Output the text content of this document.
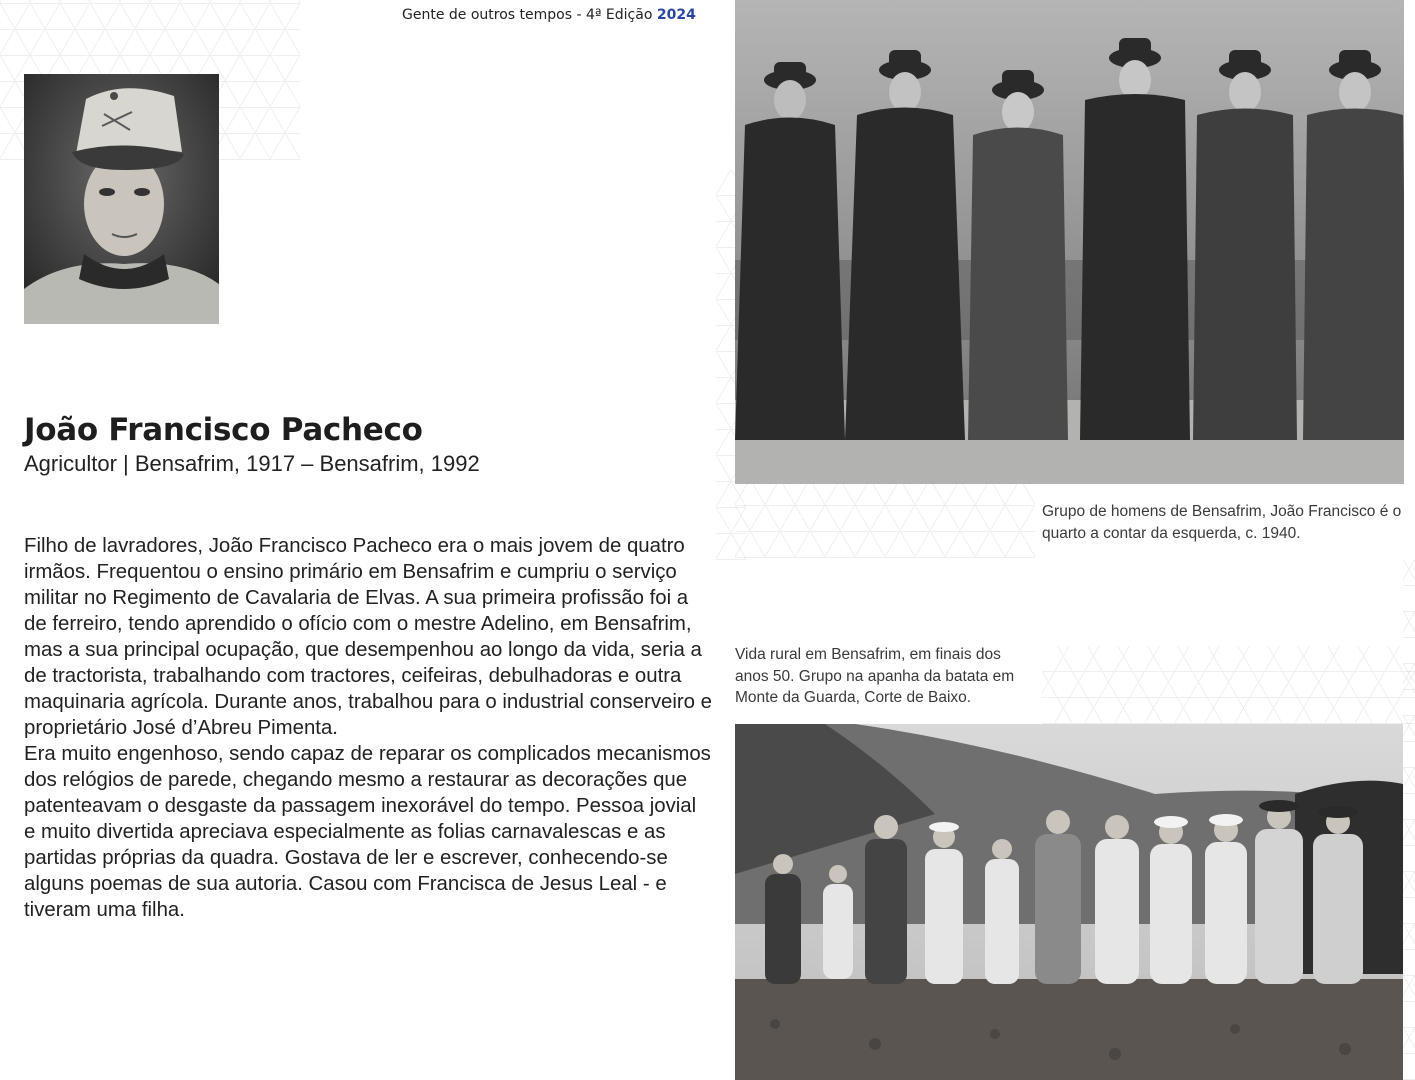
Gente de outros tempos - 4ª Edição 2024
João Francisco Pacheco
Agricultor | Bensafrim, 1917 – Bensafrim, 1992

Filho de lavradores, João Francisco Pacheco era o mais jovem de quatro irmãos. Frequentou o ensino primário em Bensafrim e cumpriu o serviço militar no Regimento de Cavalaria de Elvas. A sua primeira profissão foi a de ferreiro, tendo aprendido o ofício com o mestre Adelino, em Bensafrim, mas a sua principal ocupação, que desempenhou ao longo da vida, seria a de tractorista, trabalhando com tractores, ceifeiras, debulhadoras e outra maquinaria agrícola. Durante anos, trabalhou para o industrial conserveiro e proprietário José d’Abreu Pimenta.

Era muito engenhoso, sendo capaz de reparar os complicados mecanismos dos relógios de parede, chegando mesmo a restaurar as decorações que patenteavam o desgaste da passagem inexorável do tempo. Pessoa jovial e muito divertida apreciava especialmente as folias carnavalescas e as partidas próprias da quadra. Gostava de ler e escrever, conhecendo-se alguns poemas de sua autoria. Casou com Francisca de Jesus Leal - e tiveram uma filha.

Grupo de homens de Bensafrim, João Francisco é o quarto a contar da esquerda, c. 1940.
Vida rural em Bensafrim, em finais dos anos 50. Grupo na apanha da batata em Monte da Guarda, Corte de Baixo.
